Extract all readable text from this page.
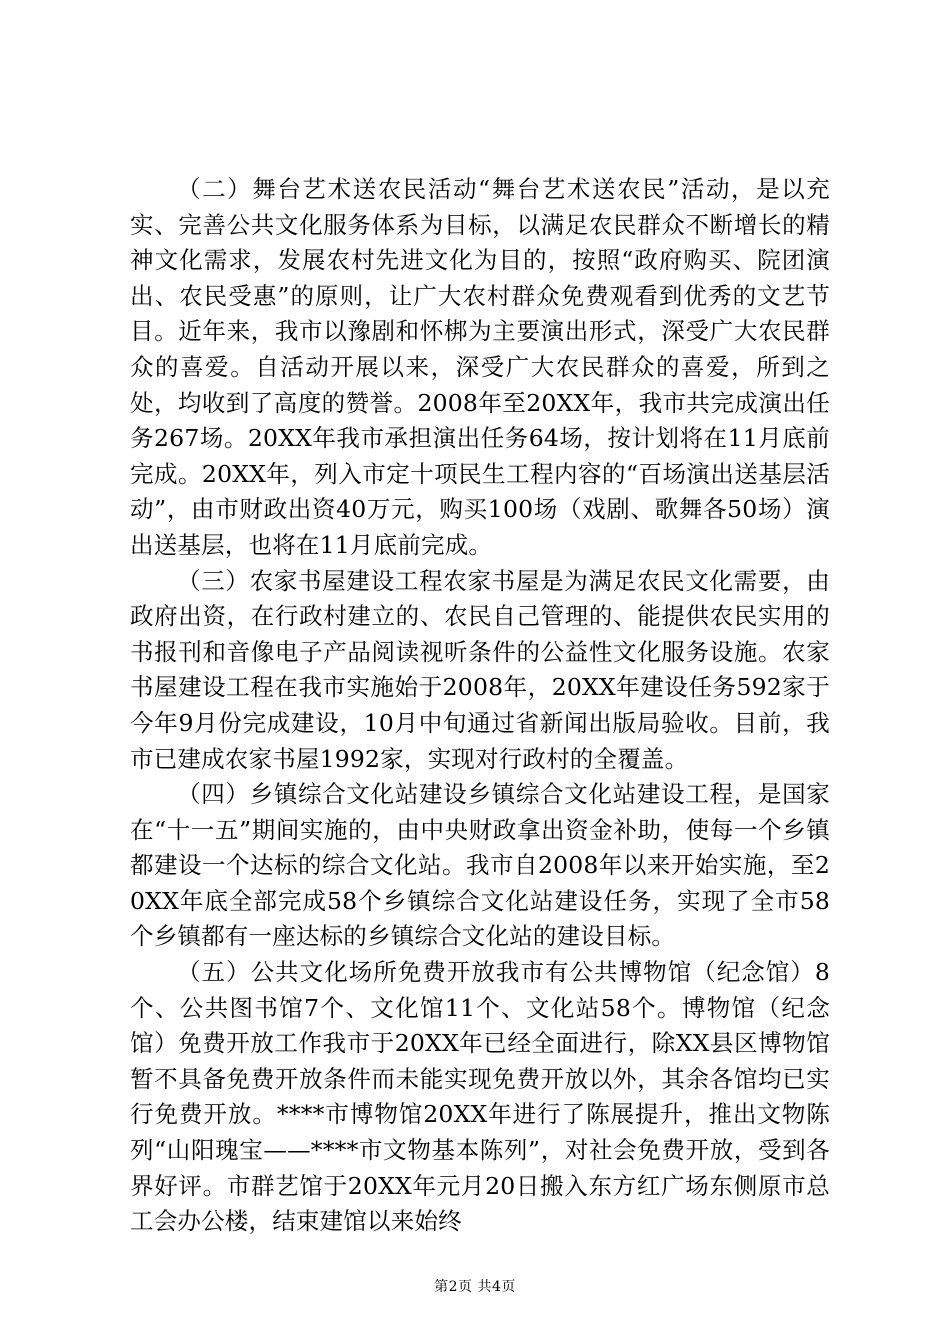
（二）舞台艺术送农民活动“舞台艺术送农民”活动，是以充实、完善公共文化服务体系为目标，以满足农民群众不断增长的精神文化需求，发展农村先进文化为目的，按照“政府购买、院团演出、农民受惠”的原则，让广大农村群众免费观看到优秀的文艺节目。近年来，我市以豫剧和怀梆为主要演出形式，深受广大农民群众的喜爱。自活动开展以来，深受广大农民群众的喜爱，所到之处，均收到了高度的赞誉。2008年至20XX年，我市共完成演出任务267场。20XX年我市承担演出任务64场，按计划将在11月底前完成。20XX年，列入市定十项民生工程内容的“百场演出送基层活动”，由市财政出资40万元，购买100场（戏剧、歌舞各50场）演出送基层，也将在11月底前完成。

（三）农家书屋建设工程农家书屋是为满足农民文化需要，由政府出资，在行政村建立的、农民自己管理的、能提供农民实用的书报刊和音像电子产品阅读视听条件的公益性文化服务设施。农家书屋建设工程在我市实施始于2008年，20XX年建设任务592家于今年9月份完成建设，10月中旬通过省新闻出版局验收。目前，我市已建成农家书屋1992家，实现对行政村的全覆盖。

（四）乡镇综合文化站建设乡镇综合文化站建设工程，是国家在“十一五”期间实施的，由中央财政拿出资金补助，使每一个乡镇都建设一个达标的综合文化站。我市自2008年以来开始实施，至20XX年底全部完成58个乡镇综合文化站建设任务，实现了全市58个乡镇都有一座达标的乡镇综合文化站的建设目标。

（五）公共文化场所免费开放我市有公共博物馆（纪念馆）8个、公共图书馆7个、文化馆11个、文化站58个。博物馆（纪念馆）免费开放工作我市于20XX年已经全面进行，除XX县区博物馆暂不具备免费开放条件而未能实现免费开放以外，其余各馆均已实行免费开放。****市博物馆20XX年进行了陈展提升，推出文物陈列“山阳瑰宝——****市文物基本陈列”，对社会免费开放，受到各界好评。市群艺馆于20XX年元月20日搬入东方红广场东侧原市总工会办公楼，结束建馆以来始终

第2页 共4页
